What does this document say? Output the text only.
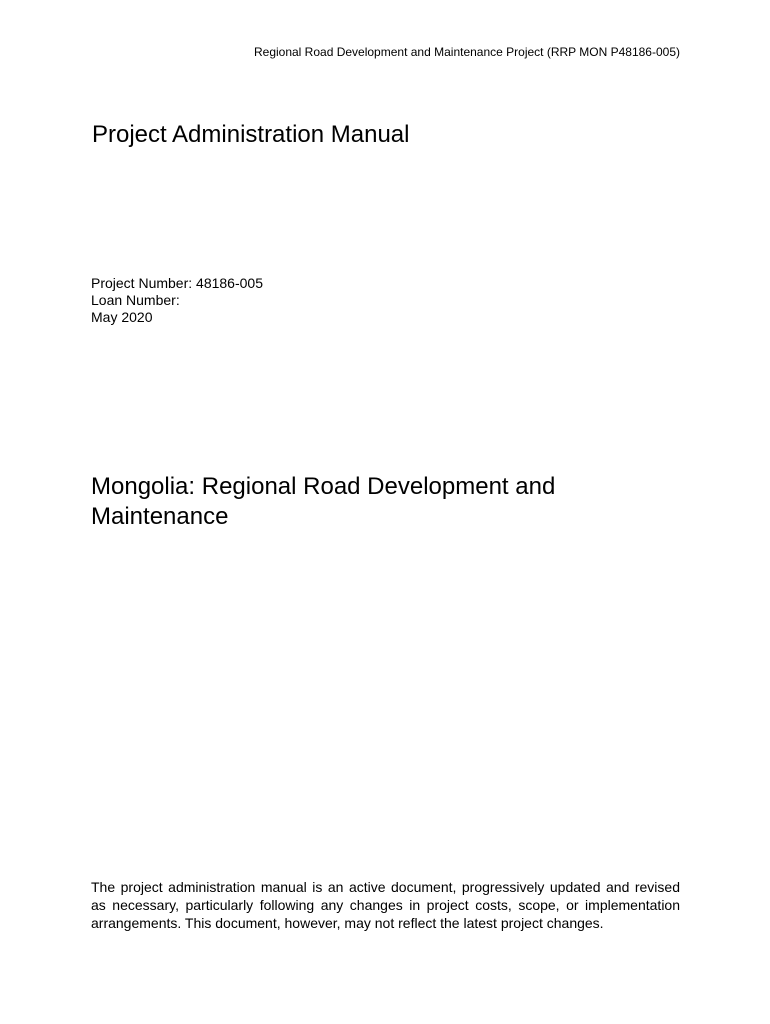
Regional Road Development and Maintenance Project (RRP MON P48186-005)
Project Administration Manual
Project Number: 48186-005
Loan Number:
May 2020
Mongolia: Regional Road Development and Maintenance

The project administration manual is an active document, progressively updated and revised as necessary, particularly following any changes in project costs, scope, or implementation arrangements. This document, however, may not reflect the latest project changes.
